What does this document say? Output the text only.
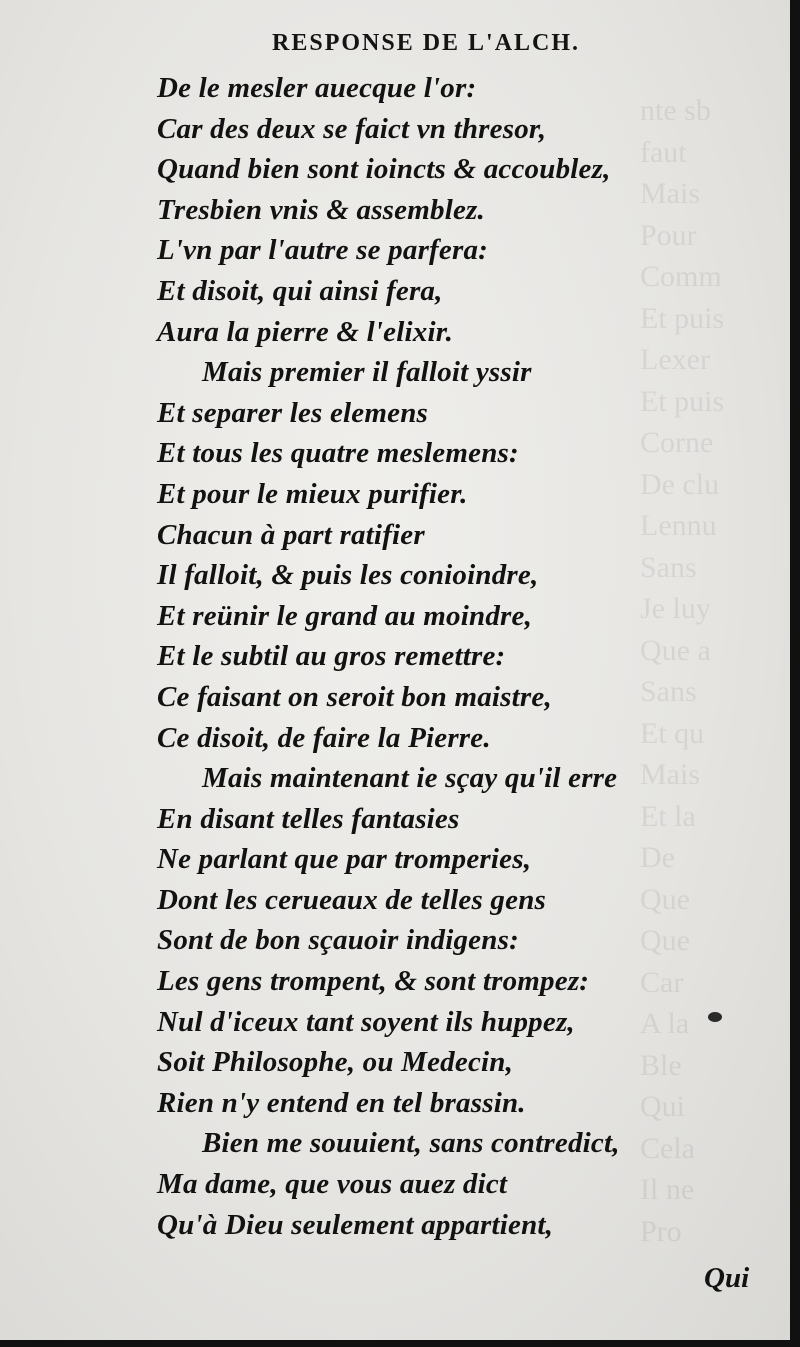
nte sb
faut
Mais
Pour
Comm
Et puis
Lexer
Et puis
Corne
De clu
Lennu
Sans
Je luy
Que a
Sans
Et qu
Mais
Et la
De
Que
Que
Car
A la
Ble
Qui
Cela
Il ne
Pro
RESPONSE DE L'ALCH.
De le mesler auecque l'or:
Car des deux se faict vn thresor,
Quand bien sont ioincts & accoublez,
Tresbien vnis & assemblez.
L'vn par l'autre se parfera:
Et disoit, qui ainsi fera,
Aura la pierre & l'elixir.
Mais premier il falloit yssir
Et separer les elemens
Et tous les quatre meslemens:
Et pour le mieux purifier.
Chacun à part ratifier
Il falloit, & puis les conioindre,
Et reünir le grand au moindre,
Et le subtil au gros remettre:
Ce faisant on seroit bon maistre,
Ce disoit, de faire la Pierre.
Mais maintenant ie sçay qu'il erre
En disant telles fantasies
Ne parlant que par tromperies,
Dont les cerueaux de telles gens
Sont de bon sçauoir indigens:
Les gens trompent, & sont trompez:
Nul d'iceux tant soyent ils huppez,
Soit Philosophe, ou Medecin,
Rien n'y entend en tel brassin.
Bien me souuient, sans contredict,
Ma dame, que vous auez dict
Qu'à Dieu seulement appartient,
Qui
